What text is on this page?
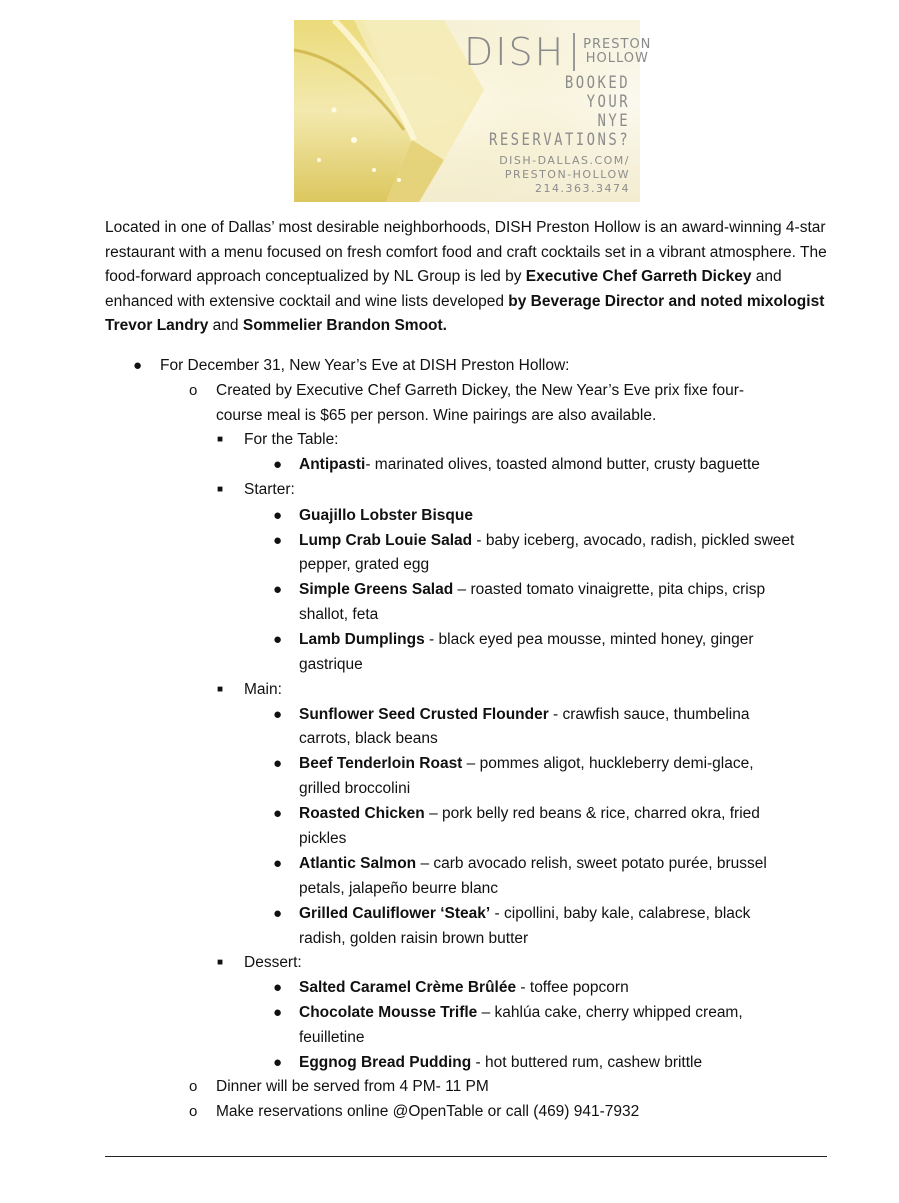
DISH PRESTON
HOLLOW
BOOKED
YOUR
NYE
RESERVATIONS?
DISH-DALLAS.COM/
PRESTON-HOLLOW
214.363.3474
Located in one of Dallas’ most desirable neighborhoods, DISH Preston Hollow is an award-winning 4-star restaurant with a menu focused on fresh comfort food and craft cocktails set in a vibrant atmosphere. The food-forward approach conceptualized by NL Group is led by Executive Chef Garreth Dickey and enhanced with extensive cocktail and wine lists developed by Beverage Director and noted mixologist Trevor Landry and Sommelier Brandon Smoot.
● For December 31, New Year’s Eve at DISH Preston Hollow:
o Created by Executive Chef Garreth Dickey, the New Year’s Eve prix fixe four-
course meal is $65 per person. Wine pairings are also available.
■ For the Table:
● Antipasti- marinated olives, toasted almond butter, crusty baguette
■ Starter:
● Guajillo Lobster Bisque
● Lump Crab Louie Salad - baby iceberg, avocado, radish, pickled sweet
pepper, grated egg
● Simple Greens Salad – roasted tomato vinaigrette, pita chips, crisp
shallot, feta
● Lamb Dumplings - black eyed pea mousse, minted honey, ginger
gastrique
■ Main:
● Sunflower Seed Crusted Flounder - crawfish sauce, thumbelina
carrots, black beans
● Beef Tenderloin Roast – pommes aligot, huckleberry demi-glace,
grilled broccolini
● Roasted Chicken – pork belly red beans & rice, charred okra, fried
pickles
● Atlantic Salmon – carb avocado relish, sweet potato purée, brussel
petals, jalapeño beurre blanc
● Grilled Cauliflower ‘Steak’ - cipollini, baby kale, calabrese, black
radish, golden raisin brown butter
■ Dessert:
● Salted Caramel Crème Brûlée - toffee popcorn
● Chocolate Mousse Trifle – kahlúa cake, cherry whipped cream,
feuilletine
● Eggnog Bread Pudding - hot buttered rum, cashew brittle
o Dinner will be served from 4 PM- 11 PM
o Make reservations online @OpenTable or call (469) 941-7932
